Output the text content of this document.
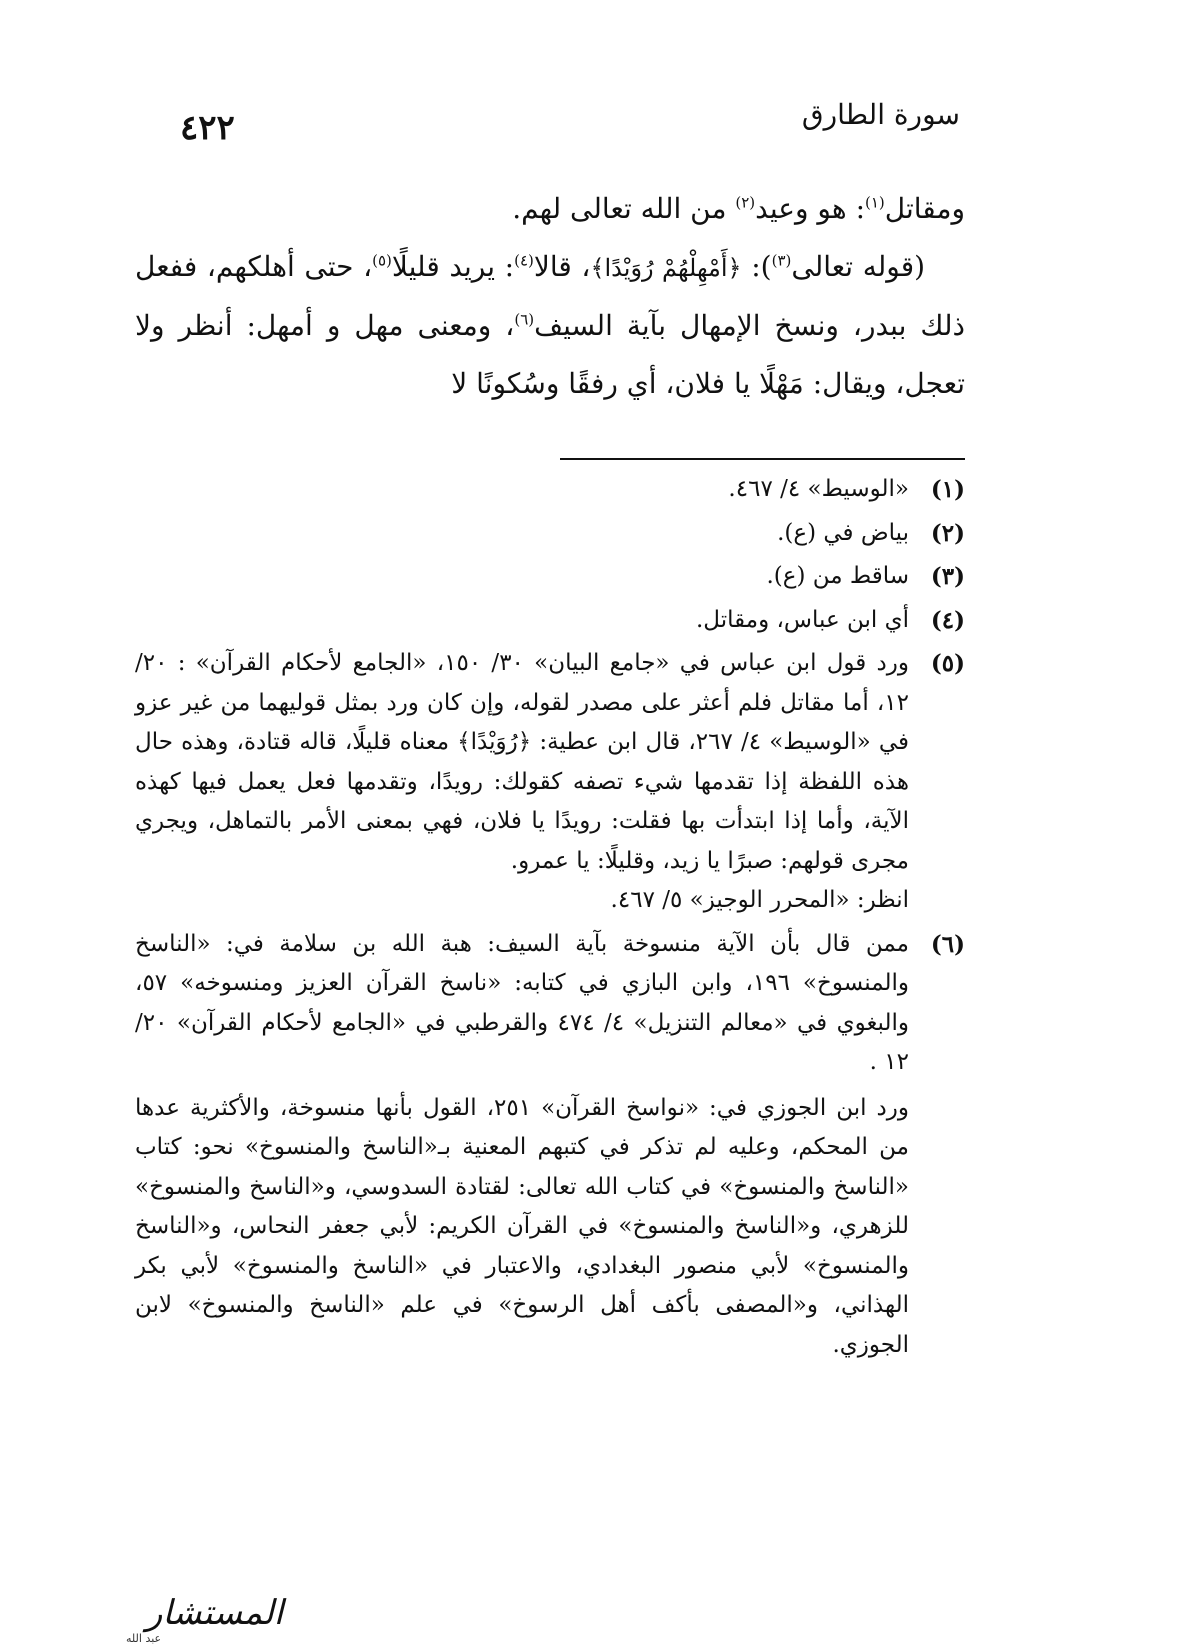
٤٢٢	سورة الطارق

ومقاتل$^{(١)}$: هو وعيد$^{(٢)}$ من الله تعالى لهم.

(قوله تعالى$^{(٣)}$): ﴿أَمْهِلْهُمْ رُوَيْدًا﴾، قالا$^{(٤)}$: يريد قليلًا$^{(٥)}$، حتى أهلكهم، ففعل ذلك ببدر، ونسخ الإمهال بآية السيف$^{(٦)}$، ومعنى مهل و أمهل: أنظر ولا تعجل، ويقال: مَهْلًا يا فلان، أي رفقًا وسُكونًا لا

(١)
«الوسيط» ٤/ ٤٦٧.
(٢)
بياض في (ع).
(٣)
ساقط من (ع).
(٤)
أي ابن عباس، ومقاتل.
(٥)
ورد قول ابن عباس في «جامع البيان» ٣٠/ ١٥٠، «الجامع لأحكام القرآن» : ٢٠/ ١٢، أما مقاتل فلم أعثر على مصدر لقوله، وإن كان ورد بمثل قوليهما من غير عزو في «الوسيط» ٤/ ٢٦٧، قال ابن عطية: ﴿رُوَيْدًا﴾ معناه قليلًا، قاله قتادة، وهذه حال هذه اللفظة إذا تقدمها شيء تصفه كقولك: رويدًا، وتقدمها فعل يعمل فيها كهذه الآية، وأما إذا ابتدأت بها فقلت: رويدًا يا فلان، فهي بمعنى الأمر بالتماهل، ويجري مجرى قولهم: صبرًا يا زيد، وقليلًا: يا عمرو.
انظر: «المحرر الوجيز» ٥/ ٤٦٧.
(٦)
ممن قال بأن الآية منسوخة بآية السيف: هبة الله بن سلامة في: «الناسخ والمنسوخ» ١٩٦، وابن البازي في كتابه: «ناسخ القرآن العزيز ومنسوخه» ٥٧، والبغوي في «معالم التنزيل» ٤/ ٤٧٤ والقرطبي في «الجامع لأحكام القرآن» ٢٠/ ١٢ .
ورد ابن الجوزي في: «نواسخ القرآن» ٢٥١، القول بأنها منسوخة، والأكثرية عدها من المحكم، وعليه لم تذكر في كتبهم المعنية بـ«الناسخ والمنسوخ» نحو: كتاب «الناسخ والمنسوخ» في كتاب الله تعالى: لقتادة السدوسي، و«الناسخ والمنسوخ» للزهري، و«الناسخ والمنسوخ» في القرآن الكريم: لأبي جعفر النحاس، و«الناسخ والمنسوخ» لأبي منصور البغدادي، والاعتبار في «الناسخ والمنسوخ» لأبي بكر الهذاني، و«المصفى بأكف أهل الرسوخ» في علم «الناسخ والمنسوخ» لابن الجوزي.
المستشار
عبد الله
